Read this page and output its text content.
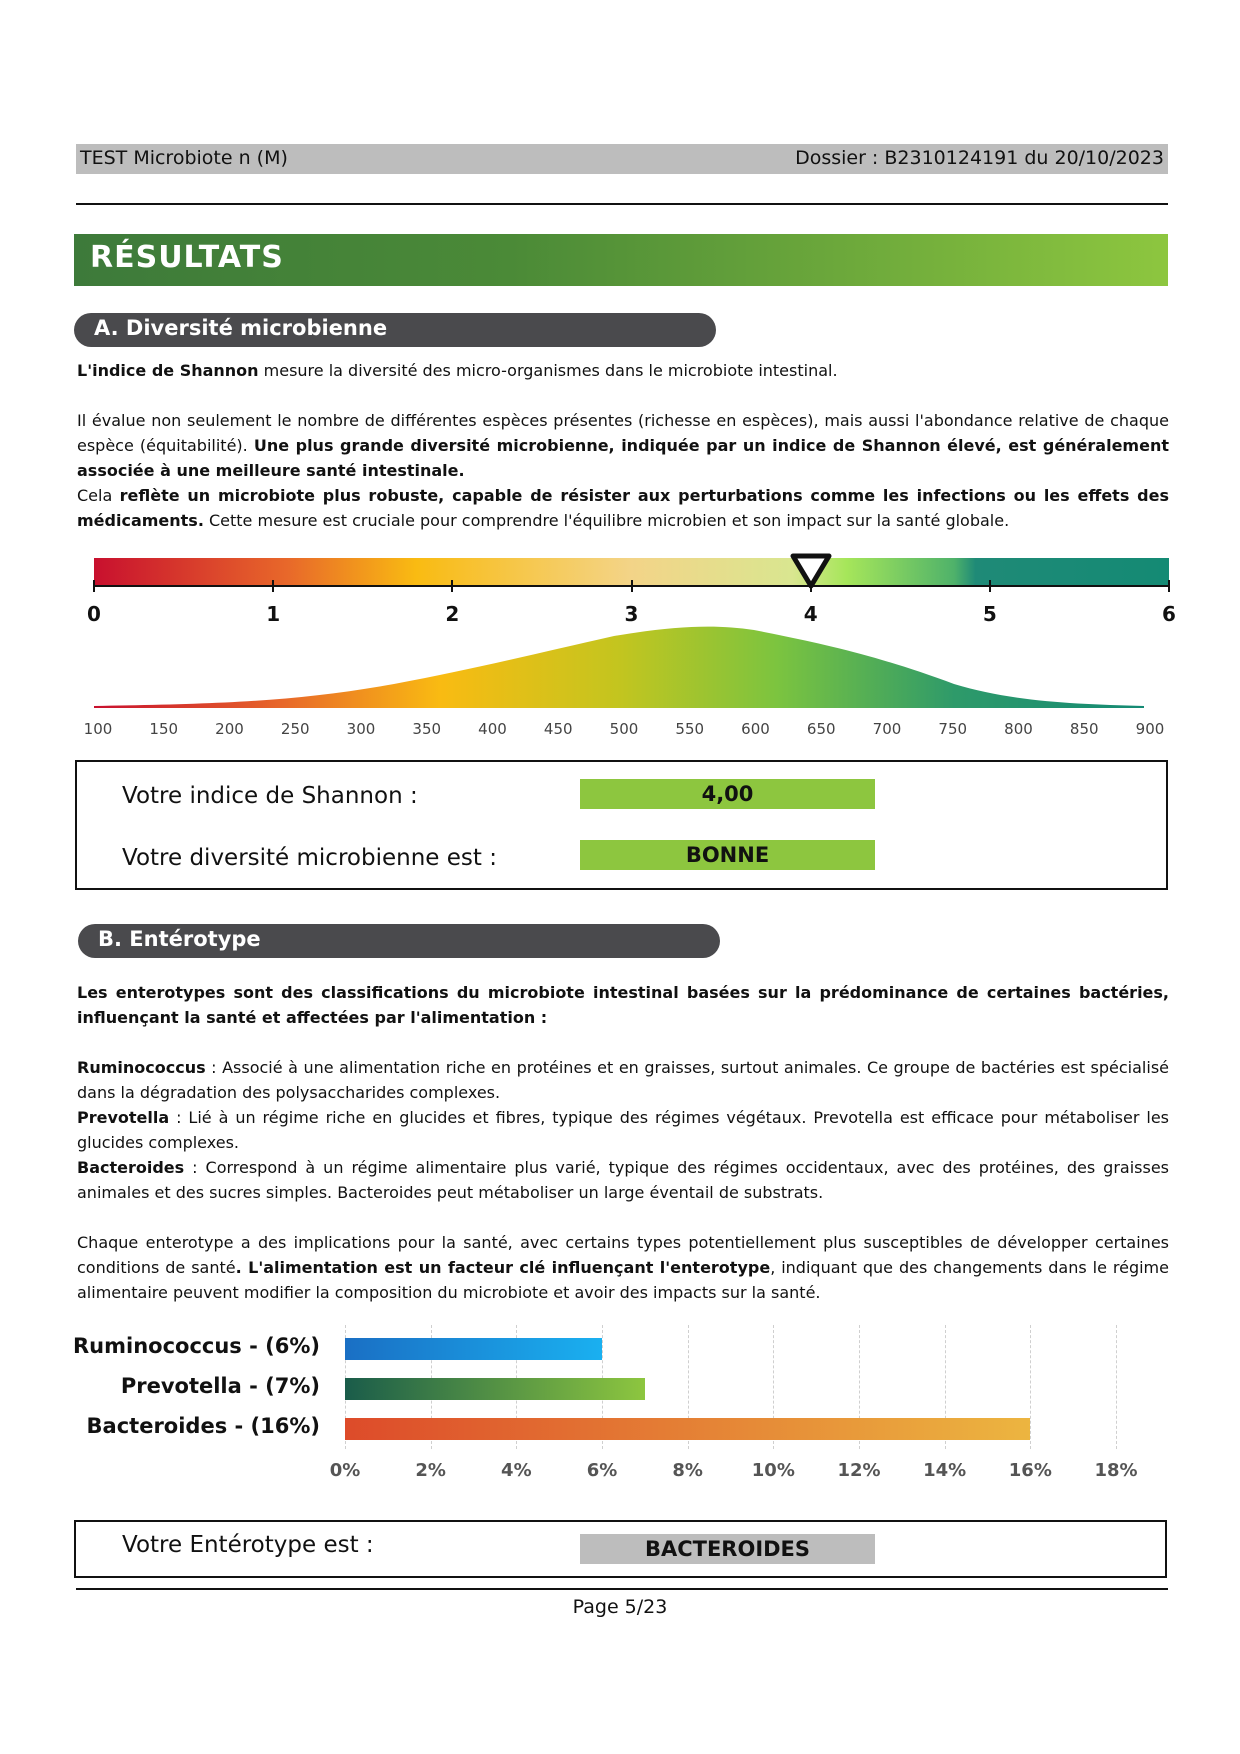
TEST Microbiote n (M)	Dossier : B2310124191 du 20/10/2023
RÉSULTATS
A. Diversité microbienne
L'indice de Shannon mesure la diversité des micro-organismes dans le microbiote intestinal.
Il évalue non seulement le nombre de différentes espèces présentes (richesse en espèces), mais aussi l'abondance relative de chaque espèce (équitabilité). Une plus grande diversité microbienne, indiquée par un indice de Shannon élevé, est généralement associée à une meilleure santé intestinale.
Cela reflète un microbiote plus robuste, capable de résister aux perturbations comme les infections ou les effets des médicaments. Cette mesure est cruciale pour comprendre l'équilibre microbien et son impact sur la santé globale.
0	1	2	3	4	5	6
100	150	200	250	300	350	400	450	500	550	600	650	700	750	800	850	900
Votre indice de Shannon :	4,00
Votre diversité microbienne est :	BONNE
B. Entérotype
Les enterotypes sont des classifications du microbiote intestinal basées sur la prédominance de certaines bactéries, influençant la santé et affectées par l'alimentation :
Ruminococcus : Associé à une alimentation riche en protéines et en graisses, surtout animales. Ce groupe de bactéries est spécialisé dans la dégradation des polysaccharides complexes.
Prevotella : Lié à un régime riche en glucides et fibres, typique des régimes végétaux. Prevotella est efficace pour métaboliser les glucides complexes.
Bacteroides : Correspond à un régime alimentaire plus varié, typique des régimes occidentaux, avec des protéines, des graisses animales et des sucres simples. Bacteroides peut métaboliser un large éventail de substrats.
Chaque enterotype a des implications pour la santé, avec certains types potentiellement plus susceptibles de développer certaines conditions de santé. L'alimentation est un facteur clé influençant l'enterotype, indiquant que des changements dans le régime alimentaire peuvent modifier la composition du microbiote et avoir des impacts sur la santé.
0%	2%	4%	6%	8%	10%	12%	14%	16%	18%
Ruminococcus - (6%)
Prevotella - (7%)
Bacteroides - (16%)
Votre Entérotype est :	BACTEROIDES
Page 5/23
